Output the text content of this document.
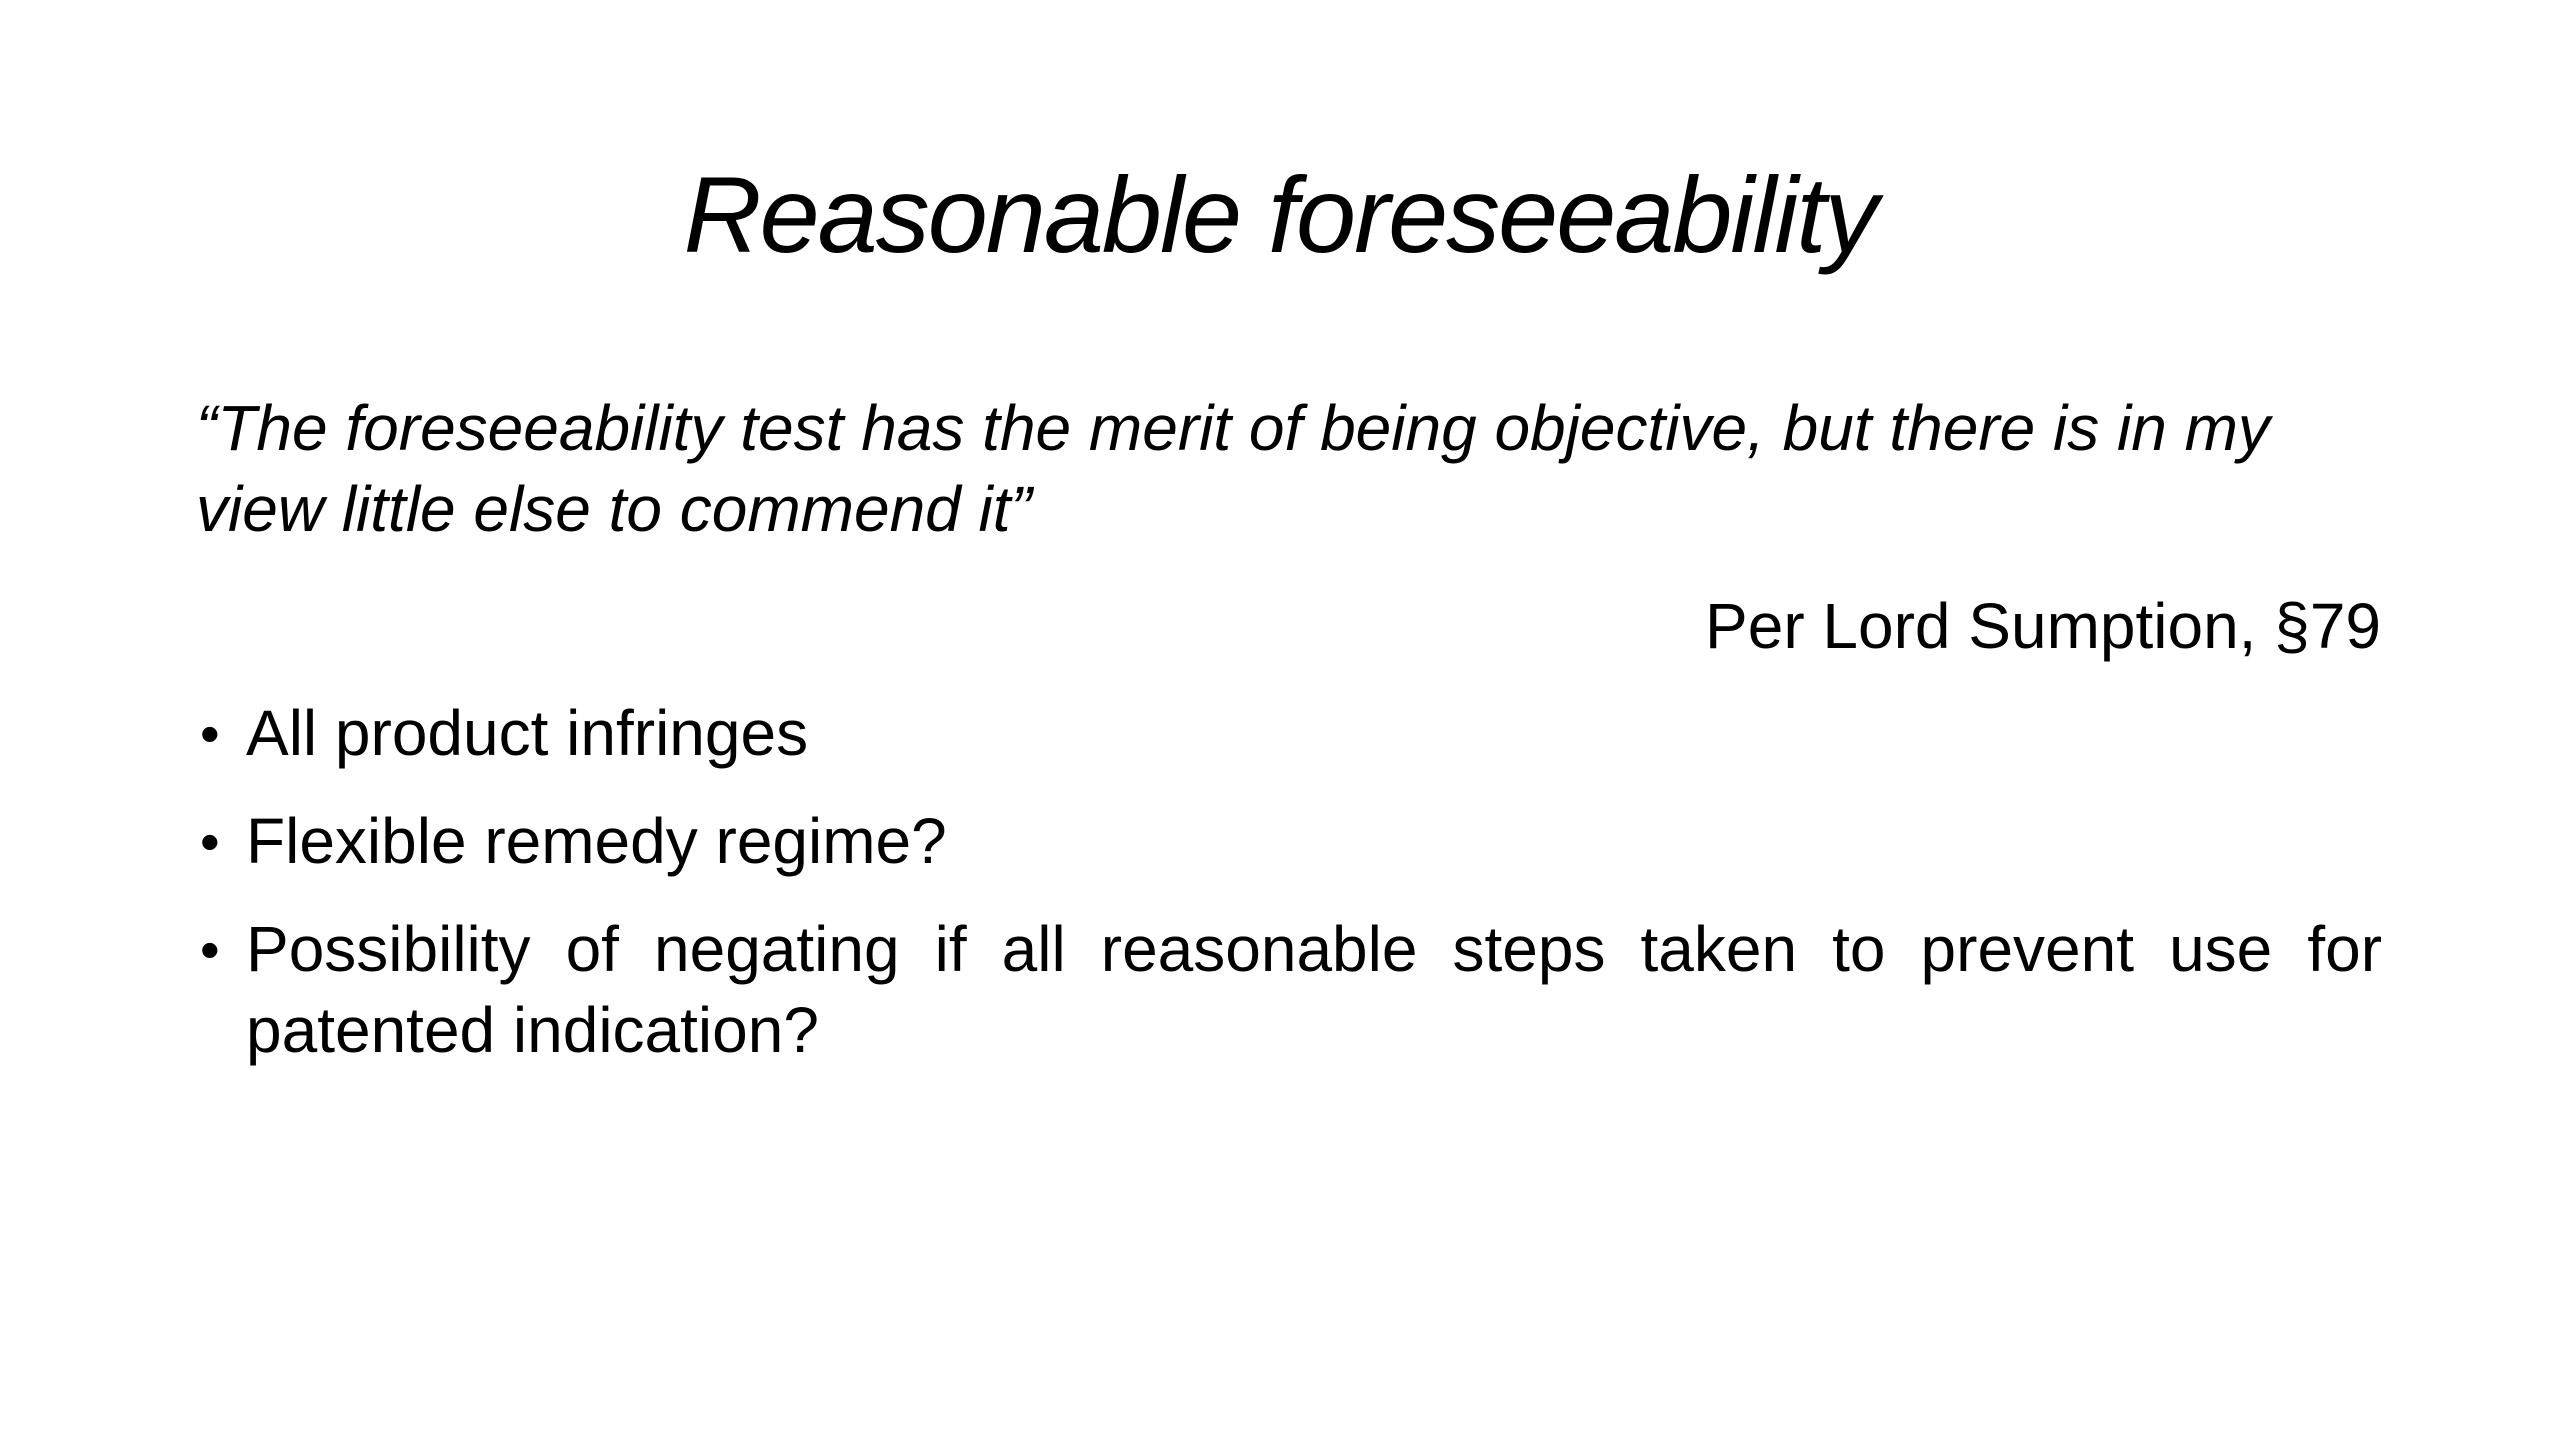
Reasonable foreseeability
“The foreseeability test has the merit of being objective, but there is in my view little else to commend it”
Per Lord Sumption, §79
• All product infringes
• Flexible remedy regime?
• Possibility of negating if all reasonable steps taken to prevent use for patented indication?
